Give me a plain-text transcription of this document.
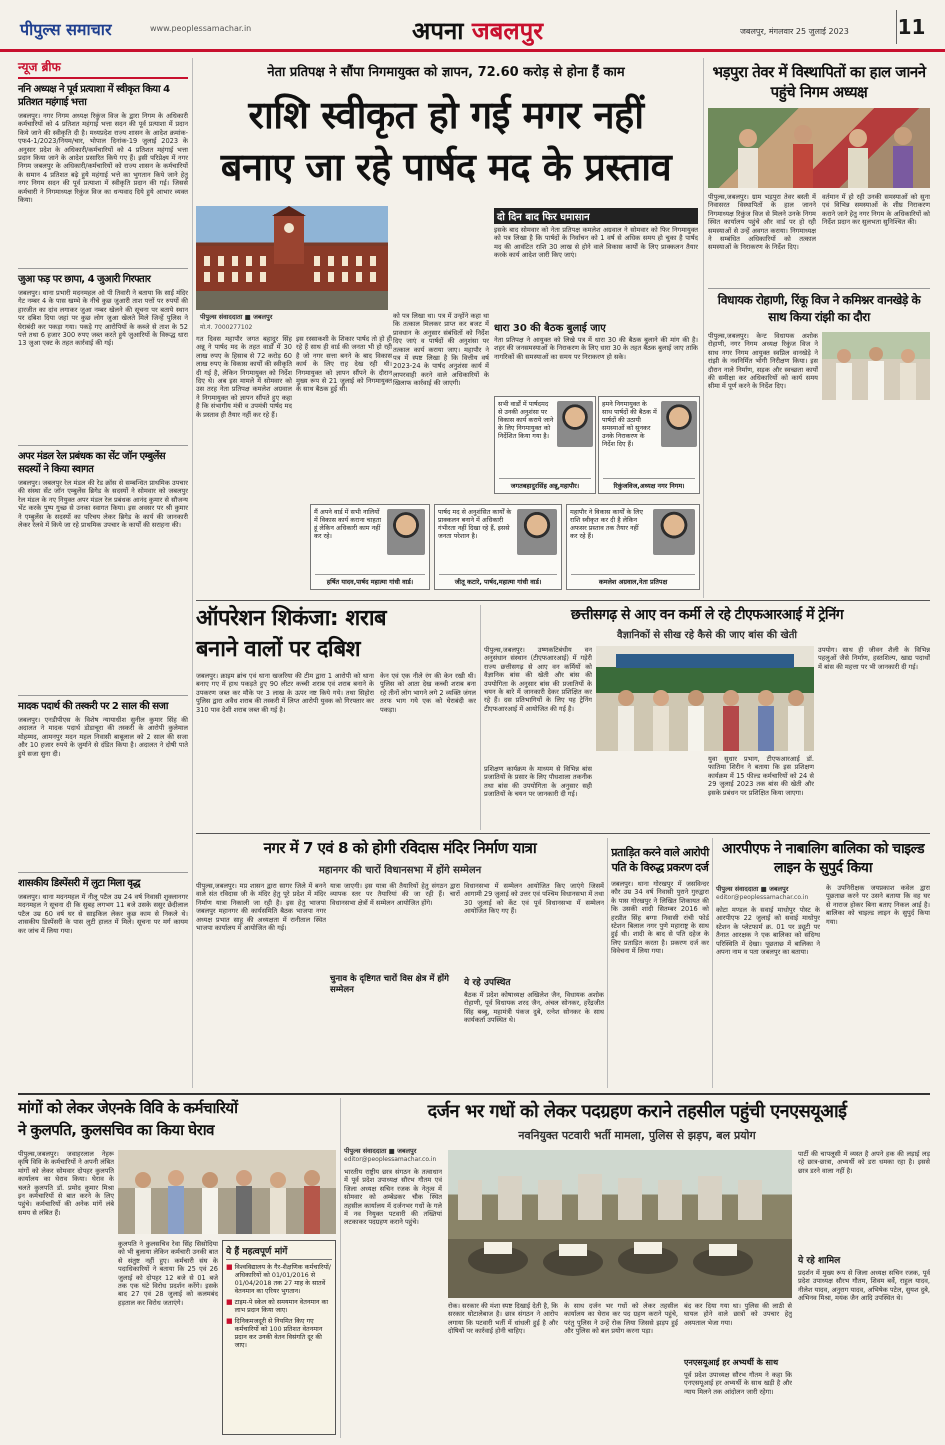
पीपुल्स समाचार	www.peoplessamachar.in	अपना जबलपुर	जबलपुर, मंगलवार 25 जुलाई 2023 11
न्यूज ब्रीफ
ननि अध्यक्ष ने पूर्व प्रत्याशा में स्वीकृत किया 4 प्रतिशत महंगाई भत्ता
जबलपुर। नगर निगम अध्यक्ष रिकुंज विज के द्वारा निगम के अधिकारी कर्मचारियों को 4 प्रतिशत महंगाई भत्ता सदन की पूर्व प्रत्याशा में प्रदान किये जाने की स्वीकृति दी है। मध्यप्रदेश राज्य शासन के आदेश क्रमांक-एफ4-1/2023/नियम/चार, भोपाल दिनांक-19 जुलाई 2023 के अनुसार प्रदेश के अधिकारी/कर्मचारियों को 4 प्रतिशत महंगाई भत्ता प्रदान किया जाने के आदेश प्रसारित किये गए हैं। इसी परिप्रेक्ष्य में नगर निगम जबलपुर के अधिकारी/कर्मचारियों को राज्य शासन के कर्मचारियों के समान 4 प्रतिशत बढ़े हुये महंगाई भत्ते का भुगतान किये जाने हेतु नगर निगम सदन की पूर्व प्रत्याशा में स्वीकृति प्रदान की गई। जिससे कर्मचारी ने निगमाध्यक्ष रिकुंज विज का धन्यवाद दिये हुये आभार व्यक्त किया।
जुआ फड़ पर छापा, 4 जुआरी गिरफ्तार
जबलपुर। थाना प्रभारी मदनमहल ओ पी तिवारी ने बताया कि साईं मंदिर गेट नम्बर 4 के पास खम्भे के नीचे कुछ जुआरी ताश पत्तों पर रुपयों की हारजीत का दांव लगाकर जुआ नम्बर खेलने की सूचना पर बताये स्थान पर दबिश दिया जहां पर कुछ लोग जुआ खेलते मिले जिन्हें पुलिस ने घेराबंदी कर पकड़ा गया। पकड़े गए आरोपियों के कब्जे से ताश के 52 पत्ते तथा 6 हजार 300 रुपए जब्त करते हुये जुआरियों के विरूद्ध धारा 13 जुआ एक्ट के तहत कार्रवाई की गई।
अपर मंडल रेल प्रबंधक का सेंट जॉन एम्बुलेंस सदस्यों ने किया स्वागत
जबलपुर। जबलपुर रेल मंडल की रेड क्रॉस से सम्बन्धित प्राथमिक उपचार की संस्था सेंट जॉन एम्बुलेंस ब्रिगेड के सदस्यों ने सोमवार को जबलपुर रेल मंडल के नए नियुक्त अपर मंडल रेल प्रबंधक आनंद कुमार से सौजन्य भेंट करके पुष्प गुच्छ से उनका स्वागत किया। इस अवसर पर श्री कुमार ने एम्बुलेंस के सदस्यों का परिचय लेकर ब्रिगेड के कार्य की जानकारी लेकर रेलवे में किये जा रहे प्राथमिक उपचार के कार्यों की सराहना की।
मादक पदार्थ की तस्करी पर 2 साल की सजा
जबलपुर। एनडीपीएस के विशेष न्यायाधीश सुनील कुमार सिंह की अदालत ने मादक पदार्थ डोडाचूरा की तस्करी के आरोपी कुलेमाल मोहम्मद, आमनपुर मदन महल निवासी बाबूलाल को 2 साल की सजा और 10 हजार रुपये के जुर्माने से दंडित किया है। अदालत ने दोषी पाते हुये सजा सुना दी।
शासकीय डिस्पेंसरी में लुटा मिला वृद्ध
जबलपुर। थाना मदनमहल में नीलू पटैल उम्र 24 वर्ष निवासी शुक्लानगर मदनमहल ने सूचना दी कि सुबह लगभग 11 बजे उसके ससुर छेदीलाल पटैल उम्र 60 वर्ष घर से साइकिल लेकर कुछ काम से निकले थे। शासकीय डिस्पेंसरी के पास लुटी हालत में मिले। सूचना पर मर्ग कायम कर जांच में लिया गया।
नेता प्रतिपक्ष ने सौंपा निगमायुक्त को ज्ञापन, 72.60 करोड़ से होना हैं काम
राशि स्वीकृत हो गई मगर नहीं
बनाए जा रहे पार्षद मद के प्रस्ताव
पीपुल्स संवाददाता ■ जबलपुर
मो.नं. 7000277102
गत दिवस महापौर जगत बहादुर सिंह अन्नू ने पार्षद मद के तहत वार्डों में 30 लाख रुपए के हिसाब से 72 करोड़ 60 लाख रुपए के विकास कार्यों की स्वीकृति दी गई है, लेकिन निगमायुक्त को निर्देश दिए थे। अब इस मामले में सोमवार को उस तरह नेता प्रतिपक्ष कमलेश अग्रवाल ने निगमायुक्त को ज्ञापन सौंपते हुए कहा है कि संभागीय मंत्री व उपमंत्री पार्षद मद के प्रस्ताव ही तैयार नहीं कर रहे हैं।
इस रस्साकशी के शिकार पार्षद तो हो ही रहे हैं साथ ही वार्ड की जनता भी हो रही है जो नगर सत्ता बनने के बाद विकास कार्य के लिए राह देख रही थी। निगमायुक्त को ज्ञापन सौंपने के दौरान मुख्य रूप से 21 जुलाई को निगमायुक्त के साथ बैठक हुई थी।
को पत्र लिखा था। पत्र में उन्होंने कहा था कि तत्काल मिलकर प्राप्त कर बजट में प्रावधान के अनुसार संबंधितों को निर्देश दिए जाएं व पार्षदों की अनुशंसा पर तत्काल कार्य कराया जाए। महापौर ने पत्र में स्पष्ट लिखा है कि वित्तीय वर्ष 2023-24 के पार्षद अनुशंसा कार्य में लापरवाही करने वाले अधिकारियों के खिलाफ कार्रवाई की जाएगी।
दो दिन बाद फिर घमासान
इसके बाद सोमवार को नेता प्रतिपक्ष कमलेश अग्रवाल ने सोमवार को फिर निगमायुक्त को पत्र लिखा है कि पार्षदों के निर्वाचन को 1 वर्ष से अधिक समय हो चुका है पार्षद मद की आवंटित राशि 30 लाख से होने वाले विकास कार्यों के लिए प्राक्कलन तैयार करके कार्य आदेश जारी किए जाएं।
धारा 30 की बैठक बुलाई जाए
नेता प्रतिपक्ष ने आयुक्त को लिखे पत्र में धारा 30 की बैठक बुलाने की मांग की है। शहर की जनसमस्याओं के निराकरण के लिए धारा 30 के तहत बैठक बुलाई जाए ताकि नागरिकों की समस्याओं का समय पर निराकरण हो सके।
सभी वार्डों में पार्षदमद से उनकी अनुशंसा पर विकास कार्य कराये जाने के लिए निगमायुक्त को निर्देशित किया गया है।
जगतबहादुरसिंह अन्नू,महापौर।
हमने निगमायुक्त के साथ पार्षदों की बैठक में पार्षदों की उठायी समस्याओं को सुनकर उनके निराकरण के निर्देश दिए हैं।
रिकुंजविज,अध्यक्ष नगर निगम।
मैं अपने वार्ड में सभी नालियों में विकास कार्य कराना चाहता हूं लेकिन अधिकारी काम नहीं कर रहे।
हर्षित यादव,पार्षद महात्मा गांधी वार्ड।
पार्षद मद से अनुशंसित कार्यों के प्राक्कलन बनाने में अधिकारी गंभीरता नहीं दिखा रहे हैं, इससे जनता परेशान है।
जीतू कटारे, पार्षद,महात्मा गांधी वार्ड।
महापौर ने विकास कार्यों के लिए राशि स्वीकृत कर दी है लेकिन अफसर प्रस्ताव तक तैयार नहीं कर रहे हैं।
कमलेश अग्रवाल,नेता प्रतिपक्ष
भड़पुरा तेवर में विस्थापितों का हाल जानने पहुंचे निगम अध्यक्ष
पीपुल्स,जबलपुर। ग्राम भड़पुरा तेवर बस्ती में निवासरत विस्थापितों के हाल जानने निगमाध्यक्ष रिकुंज विज से मिलने उनके निगम स्थित कार्यालय पहुंचे और वार्ड पर हो रही समस्याओं से उन्हें अवगत कराया। निगमाध्यक्ष ने सम्बंधित अधिकारियों को तत्काल समस्याओं के निराकरण के निर्देश दिए।
वर्तमान में हो रही उनकी समस्याओं को सुना एवं विभिन्न समस्याओं के शीघ्र निराकरण कराने जाने हेतु नगर निगम के अधिकारियों को निर्देश प्रदान कर सुलभता सुनिश्चित की।
विधायक रोहाणी, रिंकू विज ने कमिश्नर वानखेड़े के साथ किया रांझी का दौरा
पीपुल्स,जबलपुर। केन्ट विधायक अशोक रोहाणी, नगर निगम अध्यक्ष रिकुंज विज ने साथ नगर निगम आयुक्त स्वप्निल वानखेड़े ने रांझी के नवनिर्मित भोगी निरीक्षण किया। इस दौरान नाले निर्माण, सड़क और स्वच्छता कार्यों की समीक्षा कर अधिकारियों को कार्य समय सीमा में पूर्ण करने के निर्देश दिए।
ऑपरेशन शिकंजा: शराब
बनाने वालों पर दबिश
जबलपुर। क्राइम ब्रांच एवं थाना खजरिया की टीम द्वारा 1 आरोपी को थाना बनाए गए में हाथ पकड़ते हुए 90 लीटर कच्ची शराब एवं शराब बनाने के उपकरण जब्त कर मौके पर 3 लाख के ऊपर नष्ट किये गये। तथा सिहोरा पुलिस द्वारा अवैध शराब की तस्करी में लिप्त आरोपी युवक को गिरफ्तार कर 310 पाव देशी शराब जब्त की गई है।
केन एवं एक नीले रंग की केन रखी थी। पुलिस को आता देख कच्ची शराब बना रहे तीनों लोग भागने लगे 2 व्यक्ति जंगल तरफ भाग गये एक को घेराबंदी कर पकड़ा।
छत्तीसगढ़ से आए वन कर्मी ले रहे टीएफआरआई में ट्रेनिंग
वैज्ञानिकों से सीख रहे कैसे की जाए बांस की खेती
पीपुल्स,जबलपुर। उष्णकटिबंधीय वन अनुसंधान संस्थान (टीएफआरआई) में गड़ेरी राज्य छत्तीसगढ़ से आए वन कर्मियों को वैज्ञानिक बांस की खेती और बांस की उपयोगिता के अनुसार बांस की प्रजातियों के चयन के बारे में जानकारी देकर प्रशिक्षित कर रहे हैं। दस प्रतिभागियों के लिए यह ट्रेनिंग टीएफआरआई में आयोजित की गई है।
उपयोग। साथ ही जीवन शैली के विभिन्न पहलुओं जैसे निर्माण, हस्तशिल्प, खाद्य पदार्थों में बांस की महत्ता पर भी जानकारी दी गई।
प्रशिक्षण कार्यक्रम के माध्यम से विभिन्न बांस प्रजातियों के प्रसार के लिए पौधशाला तकनीक तथा बांस की उपयोगिता के अनुसार सही प्रजातियों के चयन पर जानकारी दी गई।
युवा सुधार प्रभाग, टीएफआरआई डॉ. फातिमा शिरीन ने बताया कि इस प्रशिक्षण कार्यक्रम में 15 फील्ड कर्मचारियों को 24 से 29 जुलाई 2023 तक बांस की खेती और इसके प्रबंधन पर प्रशिक्षित किया जाएगा।
नगर में 7 एवं 8 को होगी रविदास मंदिर निर्माण यात्रा
महानगर की चारों विधानसभा में होंगे सम्मेलन
पीपुल्स,जबलपुर। मप्र शासन द्वारा सागर जिले में बनने वाले संत रविदास जी के मंदिर हेतु पूरे प्रदेश में मंदिर निर्माण यात्रा निकाली जा रही है। इस हेतु भाजपा जबलपुर महानगर की कार्यसमिति बैठक भाजपा नगर अध्यक्ष प्रभात साहू की अध्यक्षता में रानीताल स्थित भाजपा कार्यालय में आयोजित की गई।
यात्रा जाएगी। इस यात्रा की तैयारियों हेतु संगठन द्वारा व्यापक स्तर पर तैयारियां की जा रही हैं। चारों विधानसभा क्षेत्रों में सम्मेलन आयोजित होंगे।
चुनाव के दृष्टिगत चारों विस क्षेत्र में होंगे सम्मेलन
विधानसभा में सम्मेलन आयोजित किए जाएंगे जिसमें आगामी 29 जुलाई को उत्तर एवं पश्चिम विधानसभा में तथा 30 जुलाई को केंट एवं पूर्व विधानसभा में सम्मेलन आयोजित किए गए हैं।
ये रहे उपस्थित
बैठक में प्रदेश कोषाध्यक्ष अखिलेश जैन, विधायक अशोक रोहाणी, पूर्व विधायक शरद जैन, अंचल सोनकर, हरेंद्रजीत सिंह बब्बू, महामंत्री पंकज दुबे, रत्नेश सोनकर के साथ कार्यकर्ता उपस्थित थे।
प्रताड़ित करने वाले आरोपी पति के विरुद्ध प्रकरण दर्ज
जबलपुर। थाना गोरखपुर में जसविन्दर कौर उम्र 34 वर्ष निवासी पुराने गुरुद्वारा के पास गोरखपुर ने लिखित शिकायत की कि उसकी शादी सितम्बर 2016 को हरप्रीत सिंह बग्गा निवासी रांची फोर्ड स्टेशन बिलाल नगर पुणे महाराष्ट्र के साथ हुई थी। शादी के बाद से पति दहेज के लिए प्रताड़ित करता है। प्रकरण दर्ज कर विवेचना में लिया गया।
आरपीएफ ने नाबालिग बालिका को चाइल्ड लाइन के सुपुर्द किया
पीपुल्स संवाददाता ■ जबलपुर
editor@peoplessamachar.co.in
कोटा मण्डल के सवाई माधोपुर पोस्ट के आरपीएफ 22 जुलाई को सवाई माधोपुर स्टेशन के प्लेटफार्म क्र. 01 पर ड्यूटी पर तैनात आरक्षक ने एक बालिका को संदिग्ध परिस्थिति में देखा। पूछताछ में बालिका ने अपना नाम व पता जबलपुर का बताया।
के उपनिरीक्षक जयप्रकाश कवेल द्वारा पूछताछ करने पर उसने बताया कि वह घर से नाराज होकर बिना बताए निकल आई है। बालिका को चाइल्ड लाइन के सुपुर्द किया गया।
मांगों को लेकर जेएनके विवि के कर्मचारियों
ने कुलपति, कुलसचिव का किया घेराव
पीपुल्स,जबलपुर। जवाहरलाल नेहरू कृषि विवि के कर्मचारियों ने अपनी लंबित मांगों को लेकर सोमवार दोपहर कुलपति कार्यालय का घेराव किया। घेराव के चलते कुलपति डॉ. प्रमोद कुमार मिश्रा इन कर्मचारियों से बात करने के लिए पहुंचे। कर्मचारियों की अनेक मांगें लंबे समय से लंबित हैं।
कुलपति ने कुलसचिव रेवा सिंह सिसोदिया को भी बुलाया लेकिन कर्मचारी उनकी बात से संतुष्ट नहीं हुए। कर्मचारी संघ के पदाधिकारियों ने बताया कि 25 एवं 26 जुलाई को दोपहर 12 बजे से 01 बजे तक एक घंटे विरोध प्रदर्शन करेंगे। इसके बाद 27 एवं 28 जुलाई को कलमबंद हड़ताल कर विरोध जताएंगे।
ये हैं महत्वपूर्ण मांगें
■ विश्वविद्यालय के गैर-शैक्षणिक कर्मचारियों/अधिकारियों को 01/01/2016 से 01/04/2018 तक 27 माह के सातवें वेतनमान का एरियर भुगतान।
■ टाइम-पे स्केल को समयमान वेतनमान का लाभ प्रदान किया जाए।
■ दिनिकमजदूरी से नियमित किए गए कर्मचारियों को 100 प्रतिशत वेतनमान प्रदान कर उनकी वेतन विसंगति दूर की जाए।
दर्जन भर गधों को लेकर पदग्रहण कराने तहसील पहुंची एनएसयूआई
नवनियुक्त पटवारी भर्ती मामला, पुलिस से झड़प, बल प्रयोग
पीपुल्स संवाददाता ■ जबलपुर
editor@peoplessamachar.co.in
भारतीय राष्ट्रीय छात्र संगठन के तत्वाधान में पूर्व प्रदेश उपाध्यक्ष सौरभ गौतम एवं जिला अध्यक्ष सचिन रजक के नेतृत्व में सोमवार को अम्बेडकर चौक स्थित तहसील कार्यालय में दर्जनभर गधों के गले में नव नियुक्त पटवारी की तख्तियां लटकाकर पदग्रहण कराने पहुंचे।
रोक। सरकार की मंशा स्पष्ट दिखाई देती है, कि सरकार घोटालेबाज है। छात्र संगठन ने आरोप लगाया कि पटवारी भर्ती में धांधली हुई है और दोषियों पर कार्रवाई होनी चाहिए।
के साथ दर्जन भर गधों को लेकर तहसील कार्यालय का घेराव कर पद ग्रहण कराने पहुंचे, परंतु पुलिस ने उन्हें रोक लिया जिससे झड़प हुई और पुलिस को बल प्रयोग करना पड़ा।
बंद कर दिया गया था। पुलिस की लाठी से घायल होने वाले छात्रों को उपचार हेतु अस्पताल भेजा गया।
एनएसयूआई हर अभ्यर्थी के साथ
पूर्व प्रदेश उपाध्यक्ष सौरभ गौतम ने कहा कि एनएसयूआई हर अभ्यर्थी के साथ खड़ी है और न्याय मिलने तक आंदोलन जारी रहेगा।
पार्टी की चापलूसी में व्यस्त है अपने हक की लड़ाई लड़ रहे छात्र-छात्रा, अभ्यर्थी को डरा धमका रहा है। इससे छात्र डरने वाला नहीं है।
ये रहे शामिल
प्रदर्शन में मुख्य रूप से जिला अध्यक्ष सचिन रजक, पूर्व प्रदेश उपाध्यक्ष सौरभ गौतम, शिवम बर्वे, राहुल यादव, नीलेश यादव, अनुराग यादव, अभिषेक पटेल, सुयश दुबे, अभिनव मिश्रा, मयंक जैन आदि उपस्थित थे।
